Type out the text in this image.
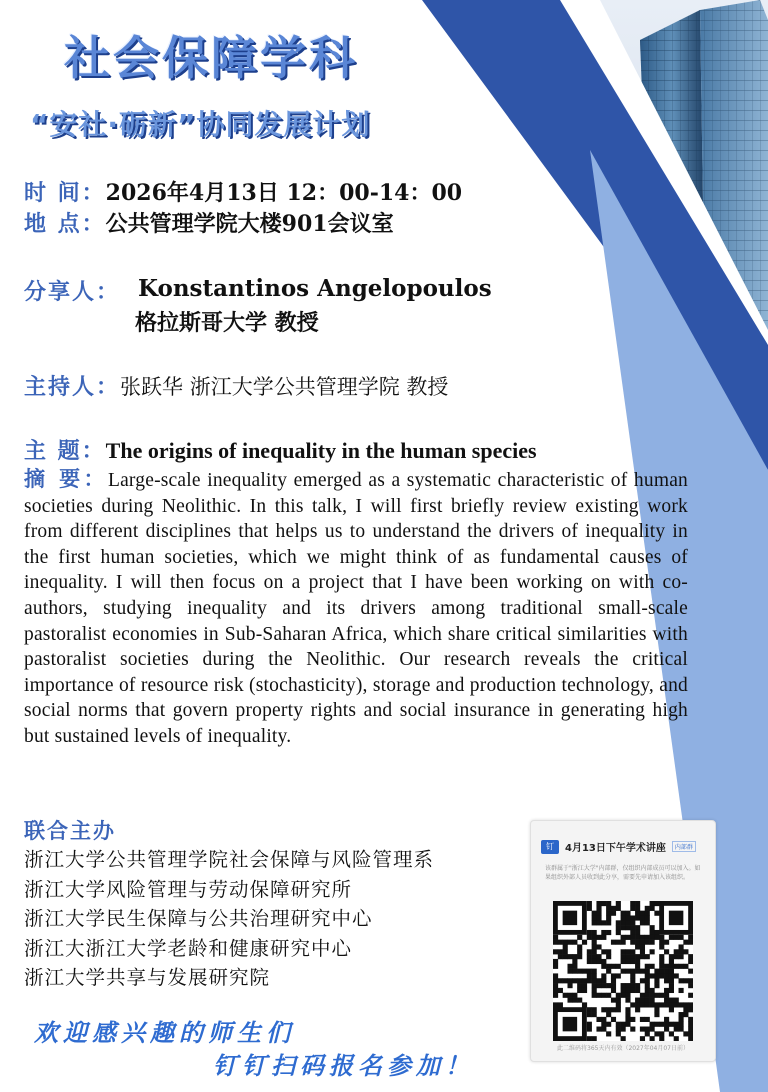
社会保障学科
“安社·砺新”协同发展计划
时 间：2026年4月13日 12：00-14：00
地 点：公共管理学院大楼901会议室
分享人： Konstantinos Angelopoulos
格拉斯哥大学 教授
主持人：张跃华 浙江大学公共管理学院 教授
主 题：The origins of inequality in the human species
摘 要：Large-scale inequality emerged as a systematic characteristic of human societies during Neolithic. In this talk, I will first briefly review existing work from different disciplines that helps us to understand the drivers of inequality in the first human societies, which we might think of as fundamental causes of inequality. I will then focus on a project that I have been working on with co-authors, studying inequality and its drivers among traditional small-scale pastoralist economies in Sub-Saharan Africa, which share critical similarities with pastoralist societies during the Neolithic. Our research reveals the critical importance of resource risk (stochasticity), storage and production technology, and social norms that govern property rights and social insurance in generating high but sustained levels of inequality.
联合主办
浙江大学公共管理学院社会保障与风险管理系
浙江大学风险管理与劳动保障研究所
浙江大学民生保障与公共治理研究中心
浙江大浙江大学老龄和健康研究中心
浙江大学共享与发展研究院
欢迎感兴趣的师生们
钉钉扫码报名参加！
钉	4月13日下午学术讲座	内部群
该群属于"浙江大学"内部群，仅组织内部成员可以加入。如果组织外部人员收到此分享，需要先申请加入该组织。
此二维码将365天内有效（2027年04月07日前）
